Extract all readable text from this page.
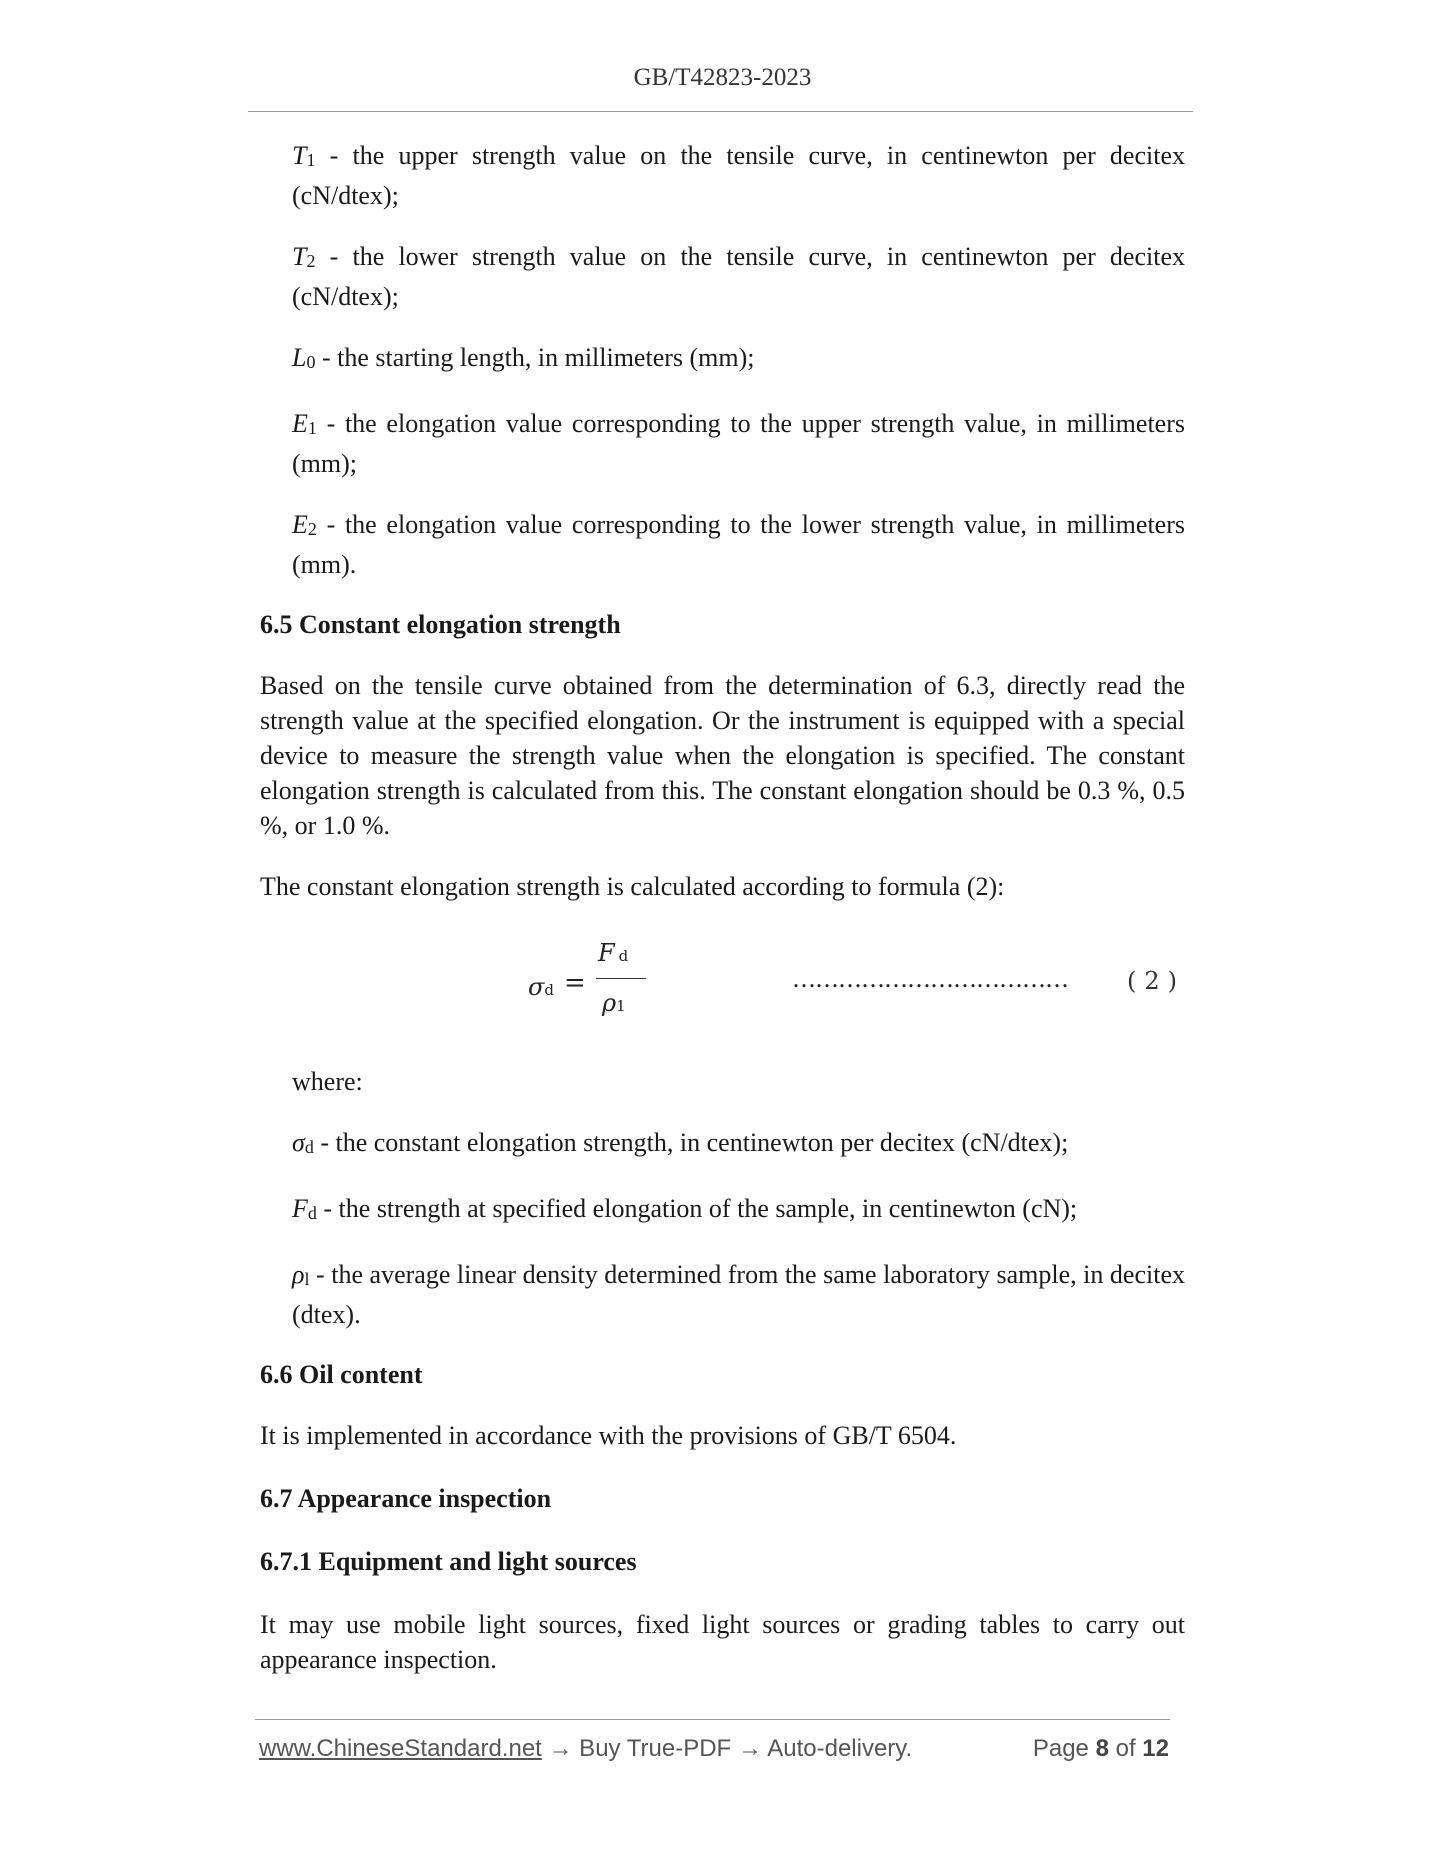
GB/T42823-2023

T1 - the upper strength value on the tensile curve, in centinewton per decitex (cN/dtex);

T2 - the lower strength value on the tensile curve, in centinewton per decitex (cN/dtex);

L0 - the starting length, in millimeters (mm);

E1 - the elongation value corresponding to the upper strength value, in millimeters (mm);

E2 - the elongation value corresponding to the lower strength value, in millimeters (mm).

6.5 Constant elongation strength

Based on the tensile curve obtained from the determination of 6.3, directly read the strength value at the specified elongation. Or the instrument is equipped with a special device to measure the strength value when the elongation is specified. The constant elongation strength is calculated from this. The constant elongation should be 0.3 %, 0.5 %, or 1.0 %.

The constant elongation strength is calculated according to formula (2):

σd =
Fd
ρ1
……………………………… (2)

where:

σd - the constant elongation strength, in centinewton per decitex (cN/dtex);

Fd - the strength at specified elongation of the sample, in centinewton (cN);

ρl - the average linear density determined from the same laboratory sample, in decitex (dtex).

6.6 Oil content

It is implemented in accordance with the provisions of GB/T 6504.

6.7 Appearance inspection

6.7.1 Equipment and light sources

It may use mobile light sources, fixed light sources or grading tables to carry out appearance inspection.

www.ChineseStandard.net → Buy True-PDF → Auto-delivery.	Page 8 of 12
